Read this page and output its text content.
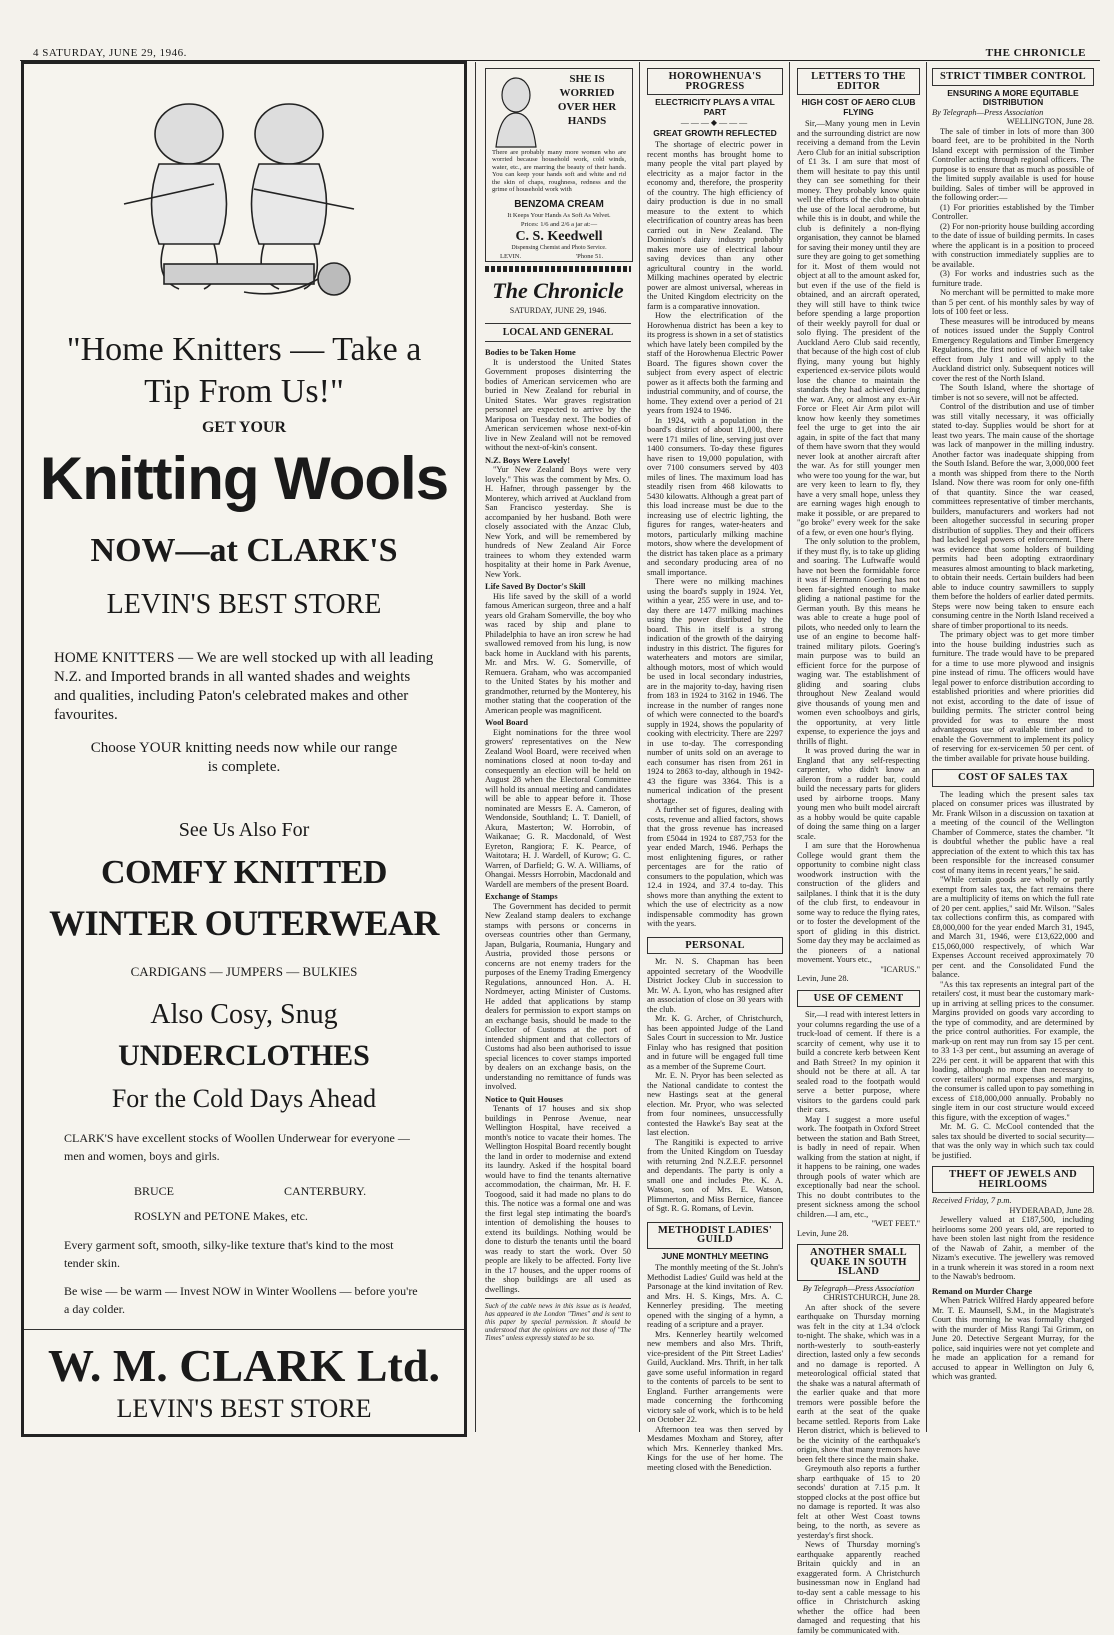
4 SATURDAY, JUNE 29, 1946.	THE CHRONICLE
"Home Knitters — Take a Tip From Us!"
GET YOUR
Knitting Wools
NOW—at CLARK'S
LEVIN'S BEST STORE
HOME KNITTERS — We are well stocked up with all leading N.Z. and Imported brands in all wanted shades and weights and qualities, including Paton's celebrated makes and other favourites.
Choose YOUR knitting needs now while our range is complete.
See Us Also For
COMFY KNITTED
WINTER OUTERWEAR
CARDIGANS — JUMPERS — BULKIES
Also Cosy, Snug
UNDERCLOTHES
For the Cold Days Ahead
CLARK'S have excellent stocks of Woollen Underwear for everyone — men and women, boys and girls.
BRUCE	CANTERBURY.
ROSLYN and PETONE Makes, etc.
Every garment soft, smooth, silky-like texture that's kind to the most tender skin.
Be wise — be warm — Invest NOW in Winter Woollens — before you're a day colder.
W. M. CLARK Ltd.
LEVIN'S BEST STORE
SHE IS
WORRIED
OVER HER
HANDS
There are probably many more women who are worried because household work, cold winds, water, etc., are marring the beauty of their hands. You can keep your hands soft and white and rid the skin of chaps, roughness, redness and the grime of household work with
BENZOMA CREAM
It Keeps Your Hands As Soft As Velvet.
Prices: 1/6 and 2/6 a jar at:—
C. S. Keedwell
Dispensing Chemist and Photo Service.
LEVIN.	'Phone 51.
The Chronicle
SATURDAY, JUNE 29, 1946.
LOCAL AND GENERAL
Bodies to be Taken Home

It is understood the United States Government proposes disinterring the bodies of American servicemen who are buried in New Zealand for reburial in United States. War graves registration personnel are expected to arrive by the Mariposa on Tuesday next. The bodies of American servicemen whose next-of-kin live in New Zealand will not be removed without the next-of-kin's consent.

N.Z. Boys Were Lovely!

"Yur New Zealand Boys were very lovely." This was the comment by Mrs. O. H. Hafner, through passenger by the Monterey, which arrived at Auckland from San Francisco yesterday. She is accompanied by her husband. Both were closely associated with the Anzac Club, New York, and will be remembered by hundreds of New Zealand Air Force trainees to whom they extended warm hospitality at their home in Park Avenue, New York.

Life Saved By Doctor's Skill

His life saved by the skill of a world famous American surgeon, three and a half years old Graham Somerville, the boy who was raced by ship and plane to Philadelphia to have an iron screw he had swallowed removed from his lung, is now back home in Auckland with his parents, Mr. and Mrs. W. G. Somerville, of Remuera. Graham, who was accompanied to the United States by his mother and grandmother, returned by the Monterey, his mother stating that the cooperation of the American people was magnificent.

Wool Board

Eight nominations for the three wool growers' representatives on the New Zealand Wool Board, were received when nominations closed at noon to-day and consequently an election will be held on August 28 when the Electoral Committee will hold its annual meeting and candidates will be able to appear before it. Those nominated are Messrs E. A. Cameron, of Wendonside, Southland; L. T. Daniell, of Akura, Masterton; W. Horrobin, of Waikanae; G. R. Macdonald, of West Eyreton, Rangiora; F. K. Pearce, of Waitotara; H. J. Wardell, of Kurow; G. C. Warren, of Darfield; G. W. A. Williams, of Ohangai. Messrs Horrobin, Macdonald and Wardell are members of the present Board.

Exchange of Stamps

The Government has decided to permit New Zealand stamp dealers to exchange stamps with persons or concerns in overseas countries other than Germany, Japan, Bulgaria, Roumania, Hungary and Austria, provided those persons or concerns are not enemy traders for the purposes of the Enemy Trading Emergency Regulations, announced Hon. A. H. Nordmeyer, acting Minister of Customs. He added that applications by stamp dealers for permission to export stamps on an exchange basis, should be made to the Collector of Customs at the port of intended shipment and that collectors of Customs had also been authorised to issue special licences to cover stamps imported by dealers on an exchange basis, on the understanding no remittance of funds was involved.

Notice to Quit Houses

Tenants of 17 houses and six shop buildings in Penrose Avenue, near Wellington Hospital, have received a month's notice to vacate their homes. The Wellington Hospital Board recently bought the land in order to modernise and extend its laundry. Asked if the hospital board would have to find the tenants alternative accommodation, the chairman, Mr. H. F. Toogood, said it had made no plans to do this. The notice was a formal one and was the first legal step intimating the board's intention of demolishing the houses to extend its buildings. Nothing would be done to disturb the tenants until the board was ready to start the work. Over 50 people are likely to be affected. Forty live in the 17 houses, and the upper rooms of the shop buildings are all used as dwellings.

Such of the cable news in this issue as is headed, has appeared in the London "Times" and is sent to this paper by special permission. It should be understood that the opinions are not those of "The Times" unless expressly stated to be so.
HOROWHENUA'S PROGRESS
ELECTRICITY PLAYS A VITAL PART
———◆———
GREAT GROWTH REFLECTED

The shortage of electric power in recent months has brought home to many people the vital part played by electricity as a major factor in the economy and, therefore, the prosperity of the country. The high efficiency of dairy production is due in no small measure to the extent to which electrification of country areas has been carried out in New Zealand. The Dominion's dairy industry probably makes more use of electrical labour saving devices than any other agricultural country in the world. Milking machines operated by electric power are almost universal, whereas in the United Kingdom electricity on the farm is a comparative innovation.

How the electrification of the Horowhenua district has been a key to its progress is shown in a set of statistics which have lately been compiled by the staff of the Horowhenua Electric Power Board. The figures shown cover the subject from every aspect of electric power as it affects both the farming and industrial community, and of course, the home. They extend over a period of 21 years from 1924 to 1946.

In 1924, with a population in the board's district of about 11,000, there were 171 miles of line, serving just over 1400 consumers. To-day these figures have risen to 19,000 population, with over 7100 consumers served by 403 miles of lines. The maximum load has steadily risen from 468 kilowatts to 5430 kilowatts. Although a great part of this load increase must be due to the increasing use of electric lighting, the figures for ranges, water-heaters and motors, particularly milking machine motors, show where the development of the district has taken place as a primary and secondary producing area of no small importance.

There were no milking machines using the board's supply in 1924. Yet, within a year, 255 were in use, and to-day there are 1477 milking machines using the power distributed by the board. This in itself is a strong indication of the growth of the dairying industry in this district. The figures for waterheaters and motors are similar, although motors, most of which would be used in local secondary industries, are in the majority to-day, having risen from 183 in 1924 to 3162 in 1946. The increase in the number of ranges none of which were connected to the board's supply in 1924, shows the popularity of cooking with electricity. There are 2297 in use to-day. The corresponding number of units sold on an average to each consumer has risen from 261 in 1924 to 2863 to-day, although in 1942-43 the figure was 3364. This is a numerical indication of the present shortage.

A further set of figures, dealing with costs, revenue and allied factors, shows that the gross revenue has increased from £5044 in 1924 to £87,753 for the year ended March, 1946. Perhaps the most enlightening figures, or rather percentages are for the ratio of consumers to the population, which was 12.4 in 1924, and 37.4 to-day. This shows more than anything the extent to which the use of electricity as a now indispensable commodity has grown with the years.

PERSONAL

Mr. N. S. Chapman has been appointed secretary of the Woodville District Jockey Club in succession to Mr. W. A. Lyon, who has resigned after an association of close on 30 years with the club.

Mr. K. G. Archer, of Christchurch, has been appointed Judge of the Land Sales Court in succession to Mr. Justice Finlay who has resigned that position and in future will be engaged full time as a member of the Supreme Court.

Mr. E. N. Pryor has been selected as the National candidate to contest the new Hastings seat at the general election. Mr. Pryor, who was selected from four nominees, unsuccessfully contested the Hawke's Bay seat at the last election.

The Rangitiki is expected to arrive from the United Kingdom on Tuesday with returning 2nd N.Z.E.F. personnel and dependants. The party is only a small one and includes Pte. K. A. Watson, son of Mrs. E. Watson, Plimmerton, and Miss Bernice, fiancee of Sgt. R. G. Romans, of Levin.

METHODIST LADIES' GUILD
JUNE MONTHLY MEETING

The monthly meeting of the St. John's Methodist Ladies' Guild was held at the Parsonage at the kind invitation of Rev. and Mrs. H. S. Kings, Mrs. A. C. Kennerley presiding. The meeting opened with the singing of a hymn, a reading of a scripture and a prayer.

Mrs. Kennerley heartily welcomed new members and also Mrs. Thrift, vice-president of the Pitt Street Ladies' Guild, Auckland. Mrs. Thrift, in her talk gave some useful information in regard to the contents of parcels to be sent to England. Further arrangements were made concerning the forthcoming victory sale of work, which is to be held on October 22.

Afternoon tea was then served by Mesdames Moxham and Storey, after which Mrs. Kennerley thanked Mrs. Kings for the use of her home. The meeting closed with the Benediction.

LETTERS TO THE EDITOR
HIGH COST OF AERO CLUB FLYING

Sir,—Many young men in Levin and the surrounding district are now receiving a demand from the Levin Aero Club for an initial subscription of £1 3s. I am sure that most of them will hesitate to pay this until they can see something for their money. They probably know quite well the efforts of the club to obtain the use of the local aerodrome, but while this is in doubt, and while the club is definitely a non-flying organisation, they cannot be blamed for saving their money until they are sure they are going to get something for it. Most of them would not object at all to the amount asked for, but even if the use of the field is obtained, and an aircraft operated, they will still have to think twice before spending a large proportion of their weekly payroll for dual or solo flying. The president of the Auckland Aero Club said recently, that because of the high cost of club flying, many young but highly experienced ex-service pilots would lose the chance to maintain the standards they had achieved during the war. Any, or almost any ex-Air Force or Fleet Air Arm pilot will know how keenly they sometimes feel the urge to get into the air again, in spite of the fact that many of them have sworn that they would never look at another aircraft after the war. As for still younger men who were too young for the war, but are very keen to learn to fly, they have a very small hope, unless they are earning wages high enough to make it possible, or are prepared to "go broke" every week for the sake of a few, or even one hour's flying.

The only solution to the problem, if they must fly, is to take up gliding and soaring. The Luftwaffe would have not been the formidable force it was if Hermann Goering has not been far-sighted enough to make gliding a national pastime for the German youth. By this means he was able to create a huge pool of pilots, who needed only to learn the use of an engine to become half-trained military pilots. Goering's main purpose was to build an efficient force for the purpose of waging war. The establishment of gliding and soaring clubs throughout New Zealand would give thousands of young men and women even schoolboys and girls, the opportunity, at very little expense, to experience the joys and thrills of flight.

It was proved during the war in England that any self-respecting carpenter, who didn't know an aileron from a rudder bar, could build the necessary parts for gliders used by airborne troops. Many young men who built model aircraft as a hobby would be quite capable of doing the same thing on a larger scale.

I am sure that the Horowhenua College would grant them the opportunity to combine night class woodwork instruction with the construction of the gliders and sailplanes. I think that it is the duty of the club first, to endeavour in some way to reduce the flying rates, or to foster the development of the sport of gliding in this district. Some day they may be acclaimed as the pioneers of a national movement. Yours etc.,

"ICARUS."
Levin, June 28.
USE OF CEMENT

Sir,—I read with interest letters in your columns regarding the use of a truck-load of cement. If there is a scarcity of cement, why use it to build a concrete kerb between Kent and Bath Street? In my opinion it should not be there at all. A tar sealed road to the footpath would serve a better purpose, where visitors to the gardens could park their cars.

May I suggest a more useful work. The footpath in Oxford Street between the station and Bath Street, is badly in need of repair. When walking from the station at night, if it happens to be raining, one wades through pools of water which are exceptionally bad near the school. This no doubt contributes to the present sickness among the school children.—I am, etc.,

"WET FEET."
Levin, June 28.
ANOTHER SMALL QUAKE IN SOUTH ISLAND
By Telegraph—Press Association
CHRISTCHURCH, June 28.

An after shock of the severe earthquake on Thursday morning was felt in the city at 1.34 o'clock to-night. The shake, which was in a north-westerly to south-easterly direction, lasted only a few seconds and no damage is reported. A meteorological official stated that the shake was a natural aftermath of the earlier quake and that more tremors were possible before the earth at the seat of the quake became settled. Reports from Lake Heron district, which is believed to be the vicinity of the earthquake's origin, show that many tremors have been felt there since the main shake.

Greymouth also reports a further sharp earthquake of 15 to 20 seconds' duration at 7.15 p.m. It stopped clocks at the post office but no damage is reported. It was also felt at other West Coast towns being, to the north, as severe as yesterday's first shock.

News of Thursday morning's earthquake apparently reached Britain quickly and in an exaggerated form. A Christchurch businessman now in England had to-day sent a cable message to his office in Christchurch asking whether the office had been damaged and requesting that his family be communicated with.

STRICT TIMBER CONTROL
ENSURING A MORE EQUITABLE DISTRIBUTION
By Telegraph—Press Association
WELLINGTON, June 28.

The sale of timber in lots of more than 300 board feet, are to be prohibited in the North Island except with permission of the Timber Controller acting through regional officers. The purpose is to ensure that as much as possible of the limited supply available is used for house building. Sales of timber will be approved in the following order:—

(1) For priorities established by the Timber Controller.

(2) For non-priority house building according to the date of issue of building permits. In cases where the applicant is in a position to proceed with construction immediately supplies are to be available.

(3) For works and industries such as the furniture trade.

No merchant will be permitted to make more than 5 per cent. of his monthly sales by way of lots of 100 feet or less.

These measures will be introduced by means of notices issued under the Supply Control Emergency Regulations and Timber Emergency Regulations, the first notice of which will take effect from July 1 and will apply to the Auckland district only. Subsequent notices will cover the rest of the North Island.

The South Island, where the shortage of timber is not so severe, will not be affected.

Control of the distribution and use of timber was still vitally necessary, it was officially stated to-day. Supplies would be short for at least two years. The main cause of the shortage was lack of manpower in the milling industry. Another factor was inadequate shipping from the South Island. Before the war, 3,000,000 feet a month was shipped from there to the North Island. Now there was room for only one-fifth of that quantity. Since the war ceased, committees representative of timber merchants, builders, manufacturers and workers had not been altogether successful in securing proper distribution of supplies. They and their officers had lacked legal powers of enforcement. There was evidence that some holders of building permits had been adopting extraordinary measures almost amounting to black marketing, to obtain their needs. Certain builders had been able to induce country sawmillers to supply them before the holders of earlier dated permits. Steps were now being taken to ensure each consuming centre in the North Island received a share of timber proportional to its needs.

The primary object was to get more timber into the house building industries such as furniture. The trade would have to be prepared for a time to use more plywood and insignis pine instead of rimu. The officers would have legal power to enforce distribution according to established priorities and where priorities did not exist, according to the date of issue of building permits. The stricter control being provided for was to ensure the most advantageous use of available timber and to enable the Government to implement its policy of reserving for ex-servicemen 50 per cent. of the timber available for private house building.

COST OF SALES TAX

The leading which the present sales tax placed on consumer prices was illustrated by Mr. Frank Wilson in a discussion on taxation at a meeting of the council of the Wellington Chamber of Commerce, states the chamber. "It is doubtful whether the public have a real appreciation of the extent to which this tax has been responsible for the increased consumer cost of many items in recent years," he said.

"While certain goods are wholly or partly exempt from sales tax, the fact remains there are a multiplicity of items on which the full rate of 20 per cent. applies," said Mr. Wilson. "Sales tax collections confirm this, as compared with £8,000,000 for the year ended March 31, 1945, and March 31, 1946, were £13,622,000 and £15,060,000 respectively, of which War Expenses Account received approximately 70 per cent. and the Consolidated Fund the balance.

"As this tax represents an integral part of the retailers' cost, it must bear the customary mark-up in arriving at selling prices to the consumer. Margins provided on goods vary according to the type of commodity, and are determined by the price control authorities. For example, the mark-up on rent may run from say 15 per cent. to 33 1-3 per cent., but assuming an average of 22½ per cent. it will be apparent that with this loading, although no more than necessary to cover retailers' normal expenses and margins, the consumer is called upon to pay something in excess of £18,000,000 annually. Probably no single item in our cost structure would exceed this figure, with the exception of wages."

Mr. M. G. C. McCool contended that the sales tax should be diverted to social security—that was the only way in which such tax could be justified.

THEFT OF JEWELS AND HEIRLOOMS
Received Friday, 7 p.m.
HYDERABAD, June 28.

Jewellery valued at £187,500, including heirlooms some 200 years old, are reported to have been stolen last night from the residence of the Nawab of Zahir, a member of the Nizam's executive. The jewellery was removed in a trunk wherein it was stored in a room next to the Nawab's bedroom.

Remand on Murder Charge

When Patrick Wilfred Hardy appeared before Mr. T. E. Maunsell, S.M., in the Magistrate's Court this morning he was formally charged with the murder of Miss Rangi Tai Grimm, on June 20. Detective Sergeant Murray, for the police, said inquiries were not yet complete and he made an application for a remand for accused to appear in Wellington on July 6, which was granted.
